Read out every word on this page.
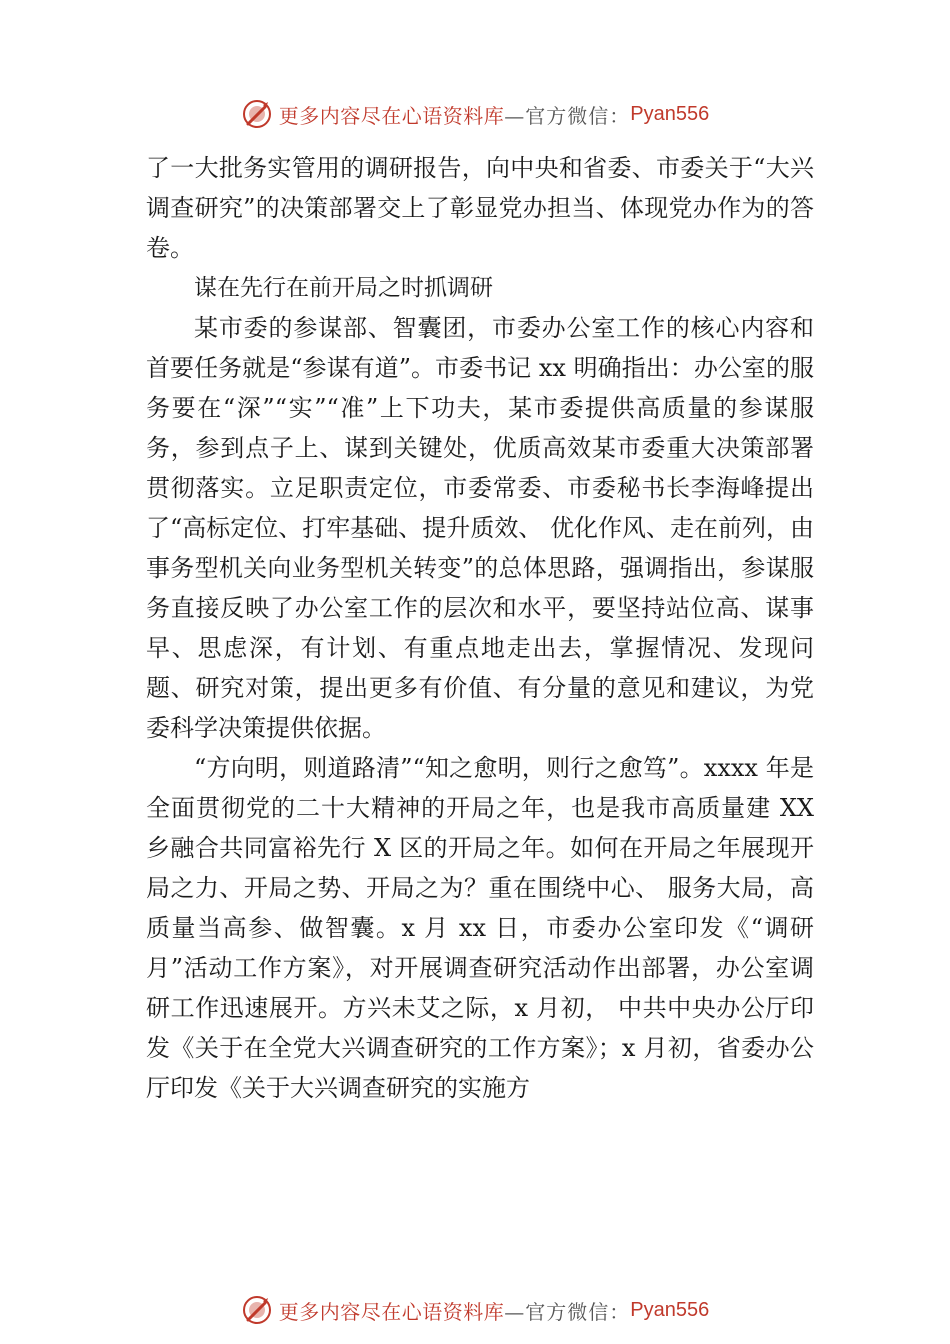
更多内容尽在心语资料库 —官方微信： Pyan556

了一大批务实管用的调研报告，向中央和省委、市委关于“大兴调查研究”的决策部署交上了彰显党办担当、体现党办作为的答卷。

谋在先行在前开局之时抓调研

某市委的参谋部、智囊团，市委办公室工作的核心内容和首要任务就是“参谋有道”。市委书记 xx 明确指出：办公室的服务要在“深”“实”“准”上下功夫，某市委提供高质量的参谋服务，参到点子上、谋到关键处，优质高效某市委重大决策部署贯彻落实。立足职责定位，市委常委、市委秘书长李海峰提出了“高标定位、打牢基础、提升质效、 优化作风、走在前列，由事务型机关向业务型机关转变”的总体思路，强调指出，参谋服务直接反映了办公室工作的层次和水平，要坚持站位高、谋事早、思虑深，有计划、有重点地走出去，掌握情况、发现问题、研究对策，提出更多有价值、有分量的意见和建议，为党委科学决策提供依据。

“方向明，则道路清”“知之愈明，则行之愈笃”。xxxx 年是全面贯彻党的二十大精神的开局之年，也是我市高质量建 XX 乡融合共同富裕先行 X 区的开局之年。如何在开局之年展现开局之力、开局之势、开局之为？重在围绕中心、 服务大局，高质量当高参、做智囊。x 月 xx 日，市委办公室印发《“调研月”活动工作方案》，对开展调查研究活动作出部署，办公室调研工作迅速展开。方兴未艾之际，x 月初， 中共中央办公厅印发《关于在全党大兴调查研究的工作方案》；x 月初，省委办公厅印发《关于大兴调查研究的实施方

更多内容尽在心语资料库 —官方微信： Pyan556
